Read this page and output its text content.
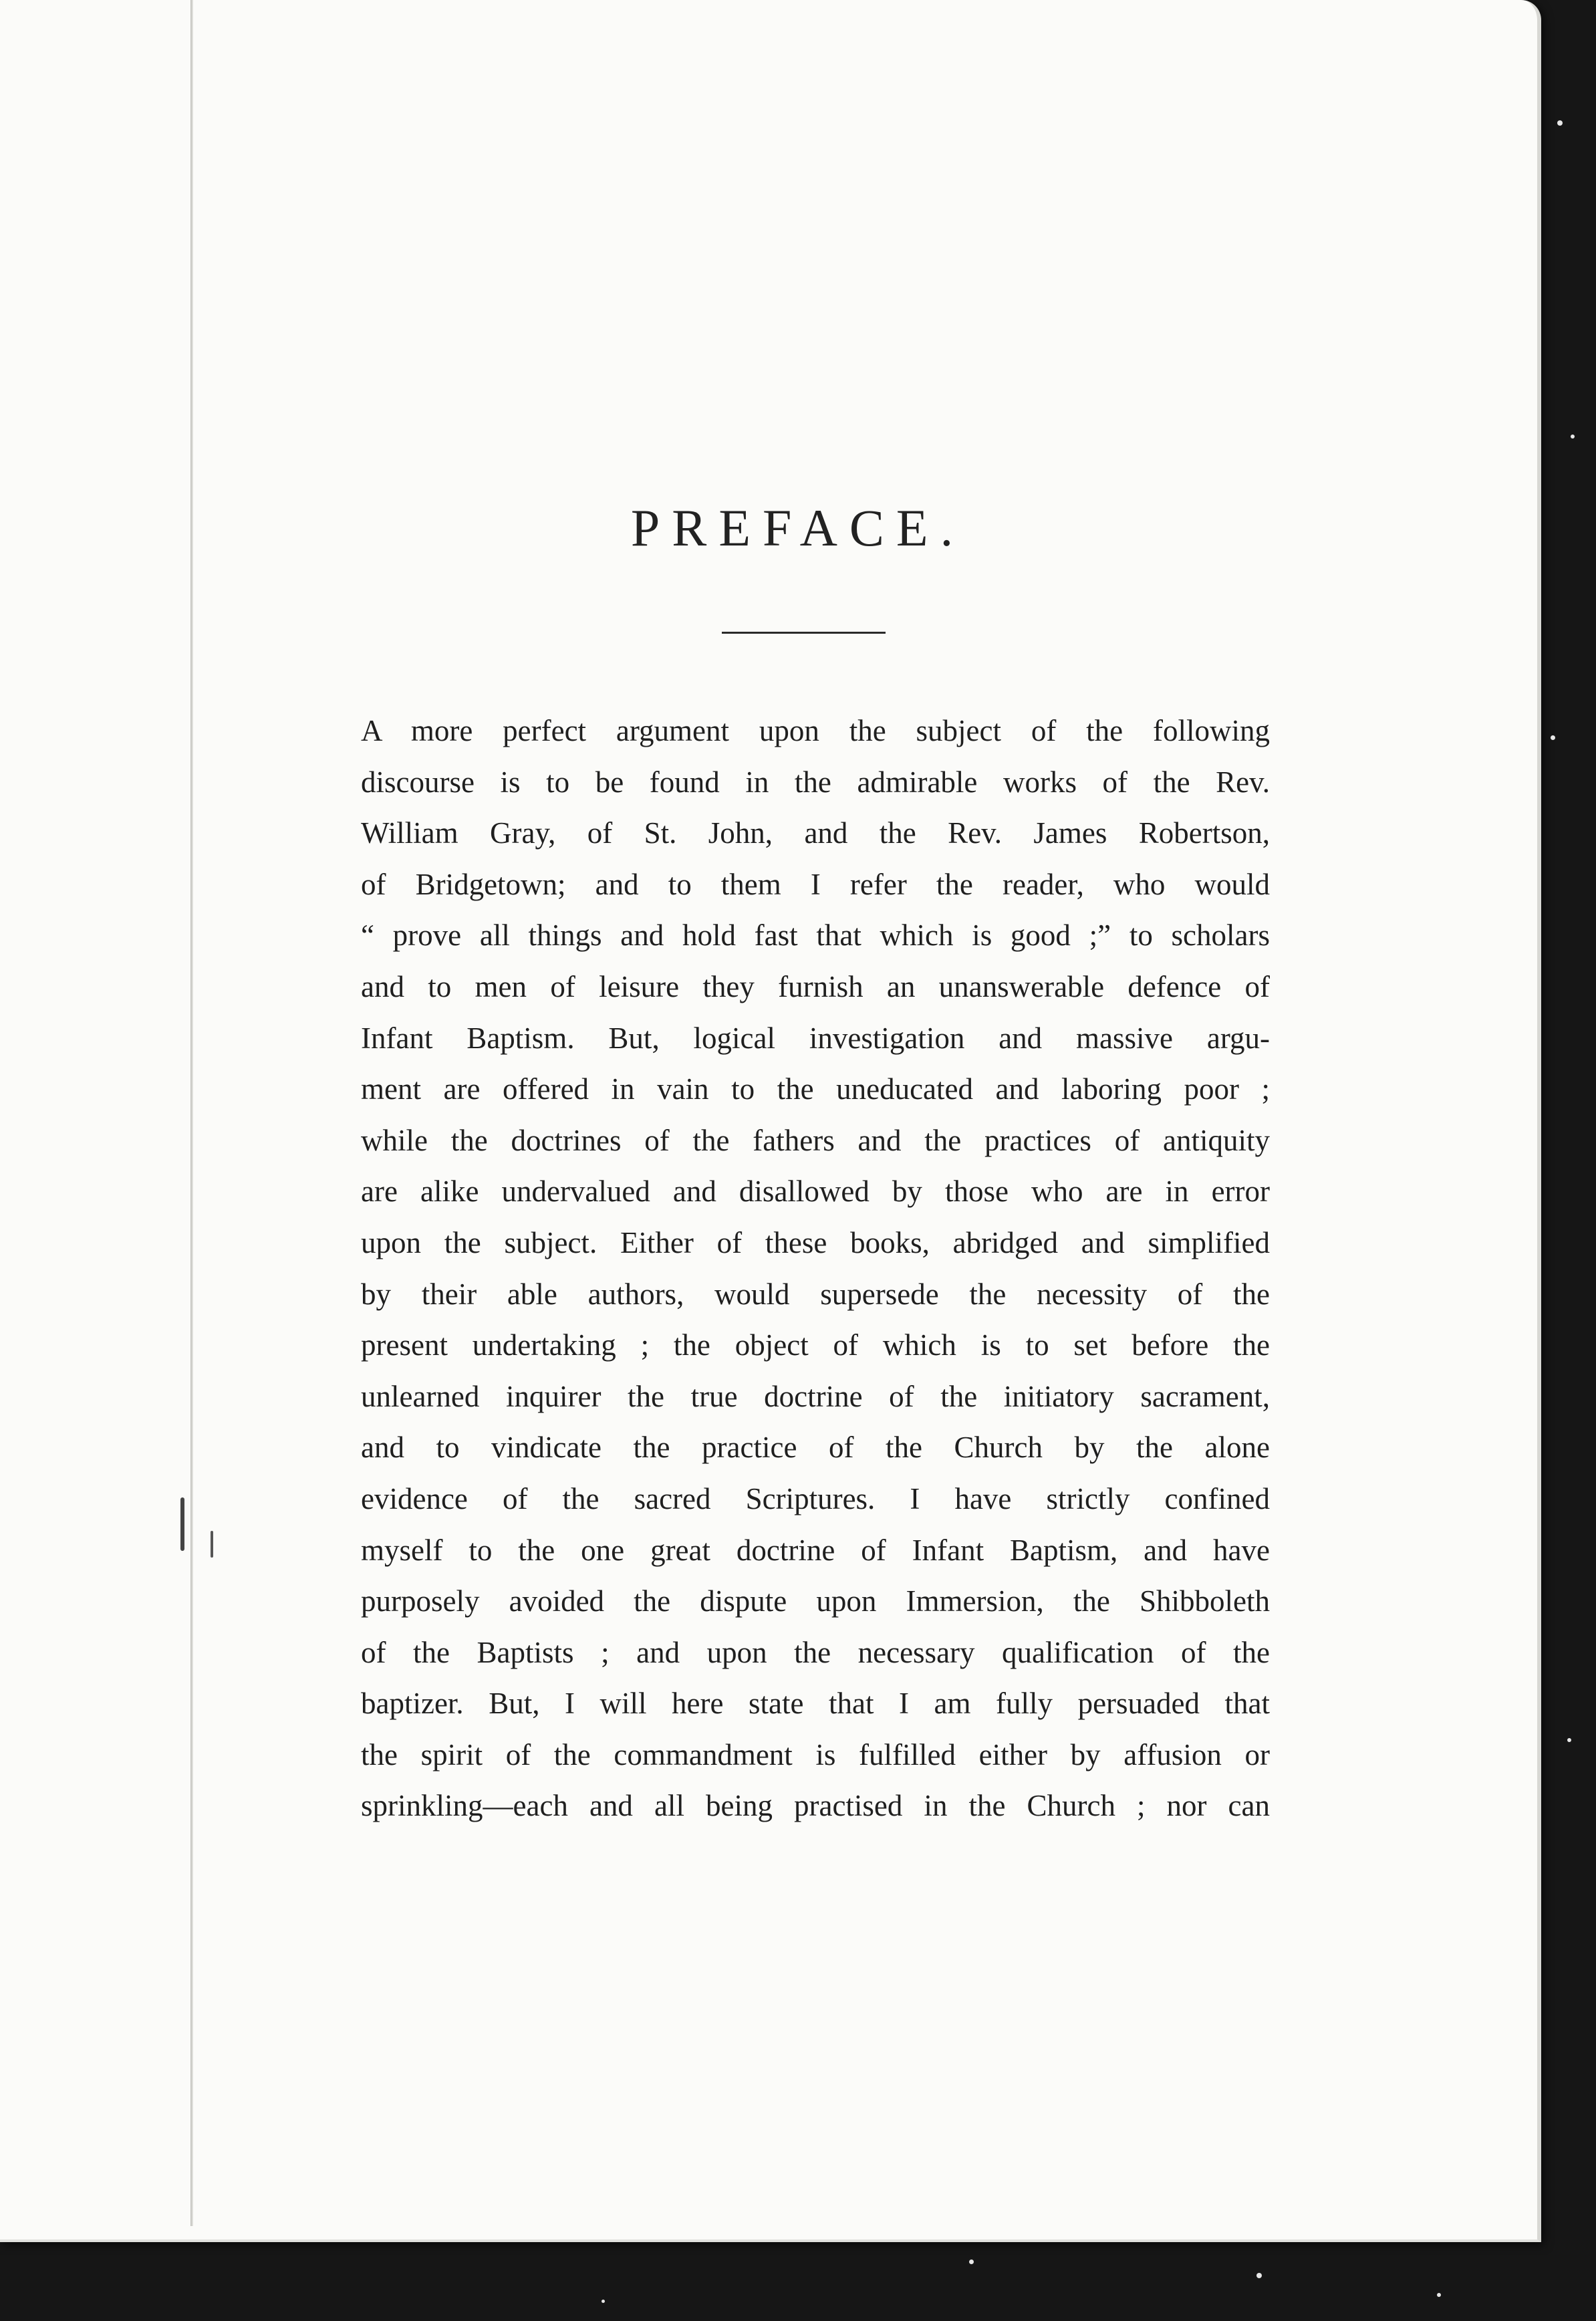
PREFACE.
A more perfect argument upon the subject of the following
discourse is to be found in the admirable works of the Rev.
William Gray, of St. John, and the Rev. James Robertson,
of Bridgetown; and to them I refer the reader, who would
“ prove all things and hold fast that which is good ;” to scholars
and to men of leisure they furnish an unanswerable defence of
Infant Baptism. But, logical investigation and massive argu-
ment are offered in vain to the uneducated and laboring poor ;
while the doctrines of the fathers and the practices of antiquity
are alike undervalued and disallowed by those who are in error
upon the subject. Either of these books, abridged and simplified
by their able authors, would supersede the necessity of the
present undertaking ; the object of which is to set before the
unlearned inquirer the true doctrine of the initiatory sacrament,
and to vindicate the practice of the Church by the alone
evidence of the sacred Scriptures. I have strictly confined
myself to the one great doctrine of Infant Baptism, and have
purposely avoided the dispute upon Immersion, the Shibboleth
of the Baptists ; and upon the necessary qualification of the
baptizer. But, I will here state that I am fully persuaded that
the spirit of the commandment is fulfilled either by affusion or
sprinkling—each and all being practised in the Church ; nor can
